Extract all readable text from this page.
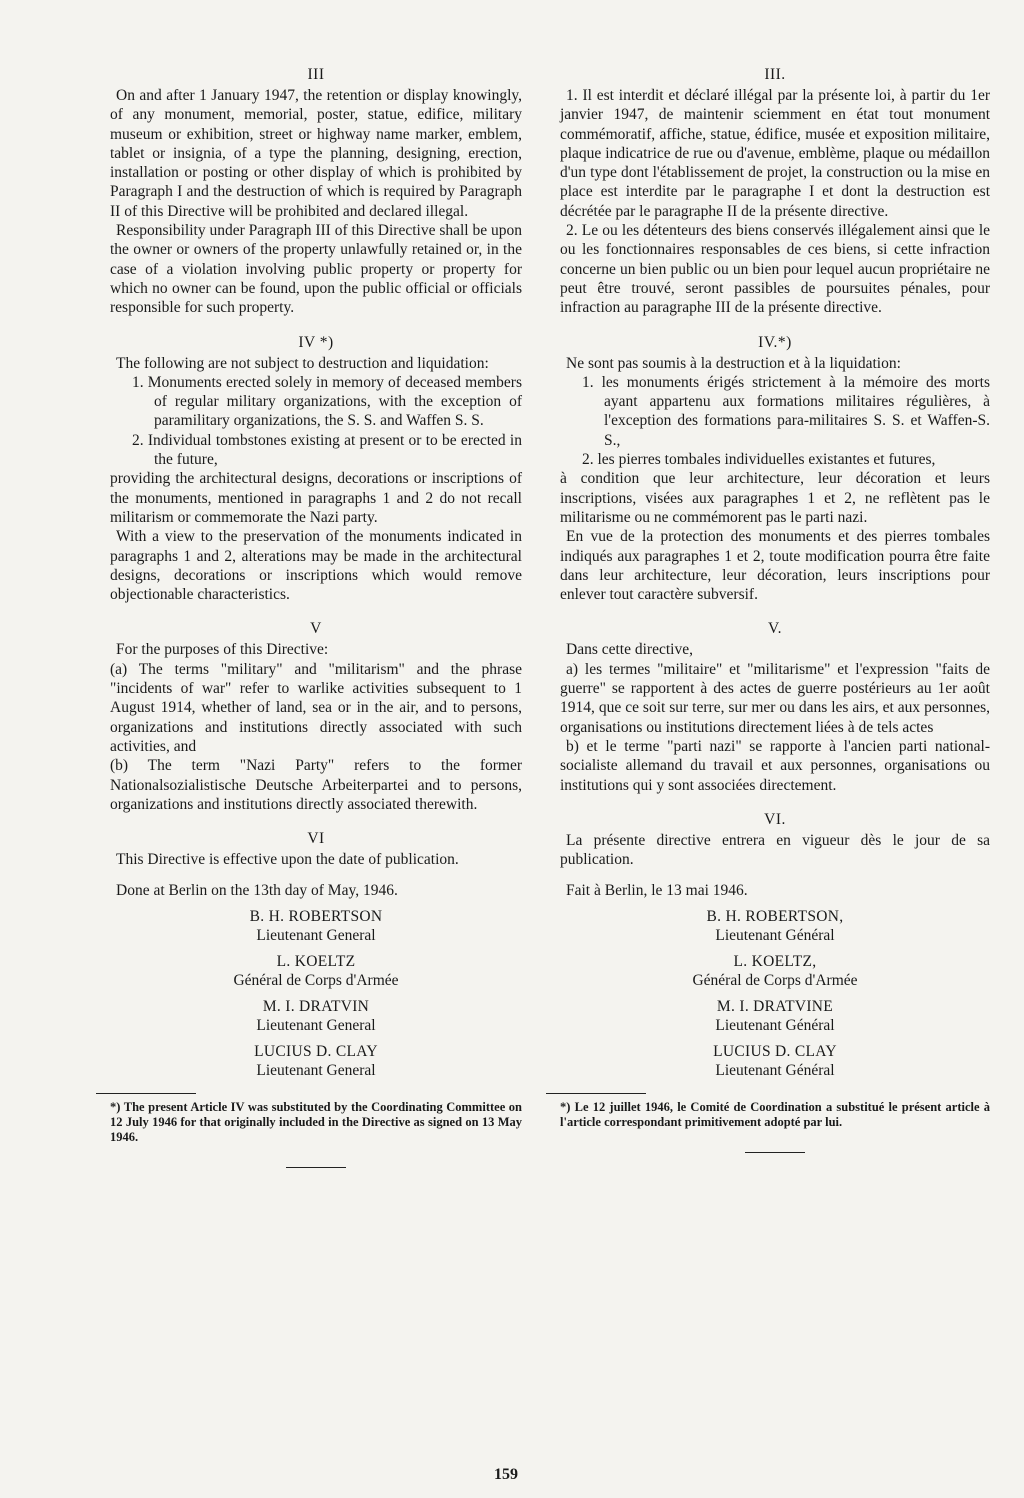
III

On and after 1 January 1947, the retention or display knowingly, of any monument, memorial, poster, statue, edifice, military museum or exhibition, street or highway name marker, emblem, tablet or insignia, of a type the planning, designing, erection, installation or posting or other display of which is prohibited by Paragraph I and the destruction of which is required by Paragraph II of this Directive will be prohibited and declared illegal.

Responsibility under Paragraph III of this Directive shall be upon the owner or owners of the property unlawfully retained or, in the case of a violation involving public property or property for which no owner can be found, upon the public official or officials responsible for such property.

IV *)

The following are not subject to destruction and liquidation:

1. Monuments erected solely in memory of deceased members of regular military organizations, with the exception of paramilitary organizations, the S. S. and Waffen S. S.
2. Individual tombstones existing at present or to be erected in the future,

providing the architectural designs, decorations or inscriptions of the monuments, mentioned in paragraphs 1 and 2 do not recall militarism or commemorate the Nazi party.

With a view to the preservation of the monuments indicated in paragraphs 1 and 2, alterations may be made in the architectural designs, decorations or inscriptions which would remove objectionable characteristics.

V

For the purposes of this Directive:

(a) The terms "military" and "militarism" and the phrase "incidents of war" refer to warlike activities subsequent to 1 August 1914, whether of land, sea or in the air, and to persons, organizations and institutions directly associated with such activities, and

(b) The term "Nazi Party" refers to the former Nationalsozialistische Deutsche Arbeiterpartei and to persons, organizations and institutions directly associated therewith.

VI

This Directive is effective upon the date of publication.

Done at Berlin on the 13th day of May, 1946.

B. H. ROBERTSON
Lieutenant General
L. KOELTZ
Général de Corps d'Armée
M. I. DRATVIN
Lieutenant General
LUCIUS D. CLAY
Lieutenant General

*) The present Article IV was substituted by the Coordinating Committee on 12 July 1946 for that originally included in the Directive as signed on 13 May 1946.

III.

1. Il est interdit et déclaré illégal par la présente loi, à partir du 1er janvier 1947, de maintenir sciemment en état tout monument commémoratif, affiche, statue, édifice, musée et exposition militaire, plaque indicatrice de rue ou d'avenue, emblème, plaque ou médaillon d'un type dont l'établissement de projet, la construction ou la mise en place est interdite par le paragraphe I et dont la destruction est décrétée par le paragraphe II de la présente directive.

2. Le ou les détenteurs des biens conservés illégalement ainsi que le ou les fonctionnaires responsables de ces biens, si cette infraction concerne un bien public ou un bien pour lequel aucun propriétaire ne peut être trouvé, seront passibles de poursuites pénales, pour infraction au paragraphe III de la présente directive.

IV.*)

Ne sont pas soumis à la destruction et à la liquidation:

1. les monuments érigés strictement à la mémoire des morts ayant appartenu aux formations militaires régulières, à l'exception des formations para-militaires S. S. et Waffen-S. S.,
2. les pierres tombales individuelles existantes et futures,

à condition que leur architecture, leur décoration et leurs inscriptions, visées aux paragraphes 1 et 2, ne reflètent pas le militarisme ou ne commémorent pas le parti nazi.

En vue de la protection des monuments et des pierres tombales indiqués aux paragraphes 1 et 2, toute modification pourra être faite dans leur architecture, leur décoration, leurs inscriptions pour enlever tout caractère subversif.

V.

Dans cette directive,

a) les termes "militaire" et "militarisme" et l'expression "faits de guerre" se rapportent à des actes de guerre postérieurs au 1er août 1914, que ce soit sur terre, sur mer ou dans les airs, et aux personnes, organisations ou institutions directement liées à de tels actes

b) et le terme "parti nazi" se rapporte à l'ancien parti national-socialiste allemand du travail et aux personnes, organisations ou institutions qui y sont associées directement.

VI.

La présente directive entrera en vigueur dès le jour de sa publication.

Fait à Berlin, le 13 mai 1946.

B. H. ROBERTSON,
Lieutenant Général
L. KOELTZ,
Général de Corps d'Armée
M. I. DRATVINE
Lieutenant Général
LUCIUS D. CLAY
Lieutenant Général

*) Le 12 juillet 1946, le Comité de Coordination a substitué le présent article à l'article correspondant primitivement adopté par lui.

159
